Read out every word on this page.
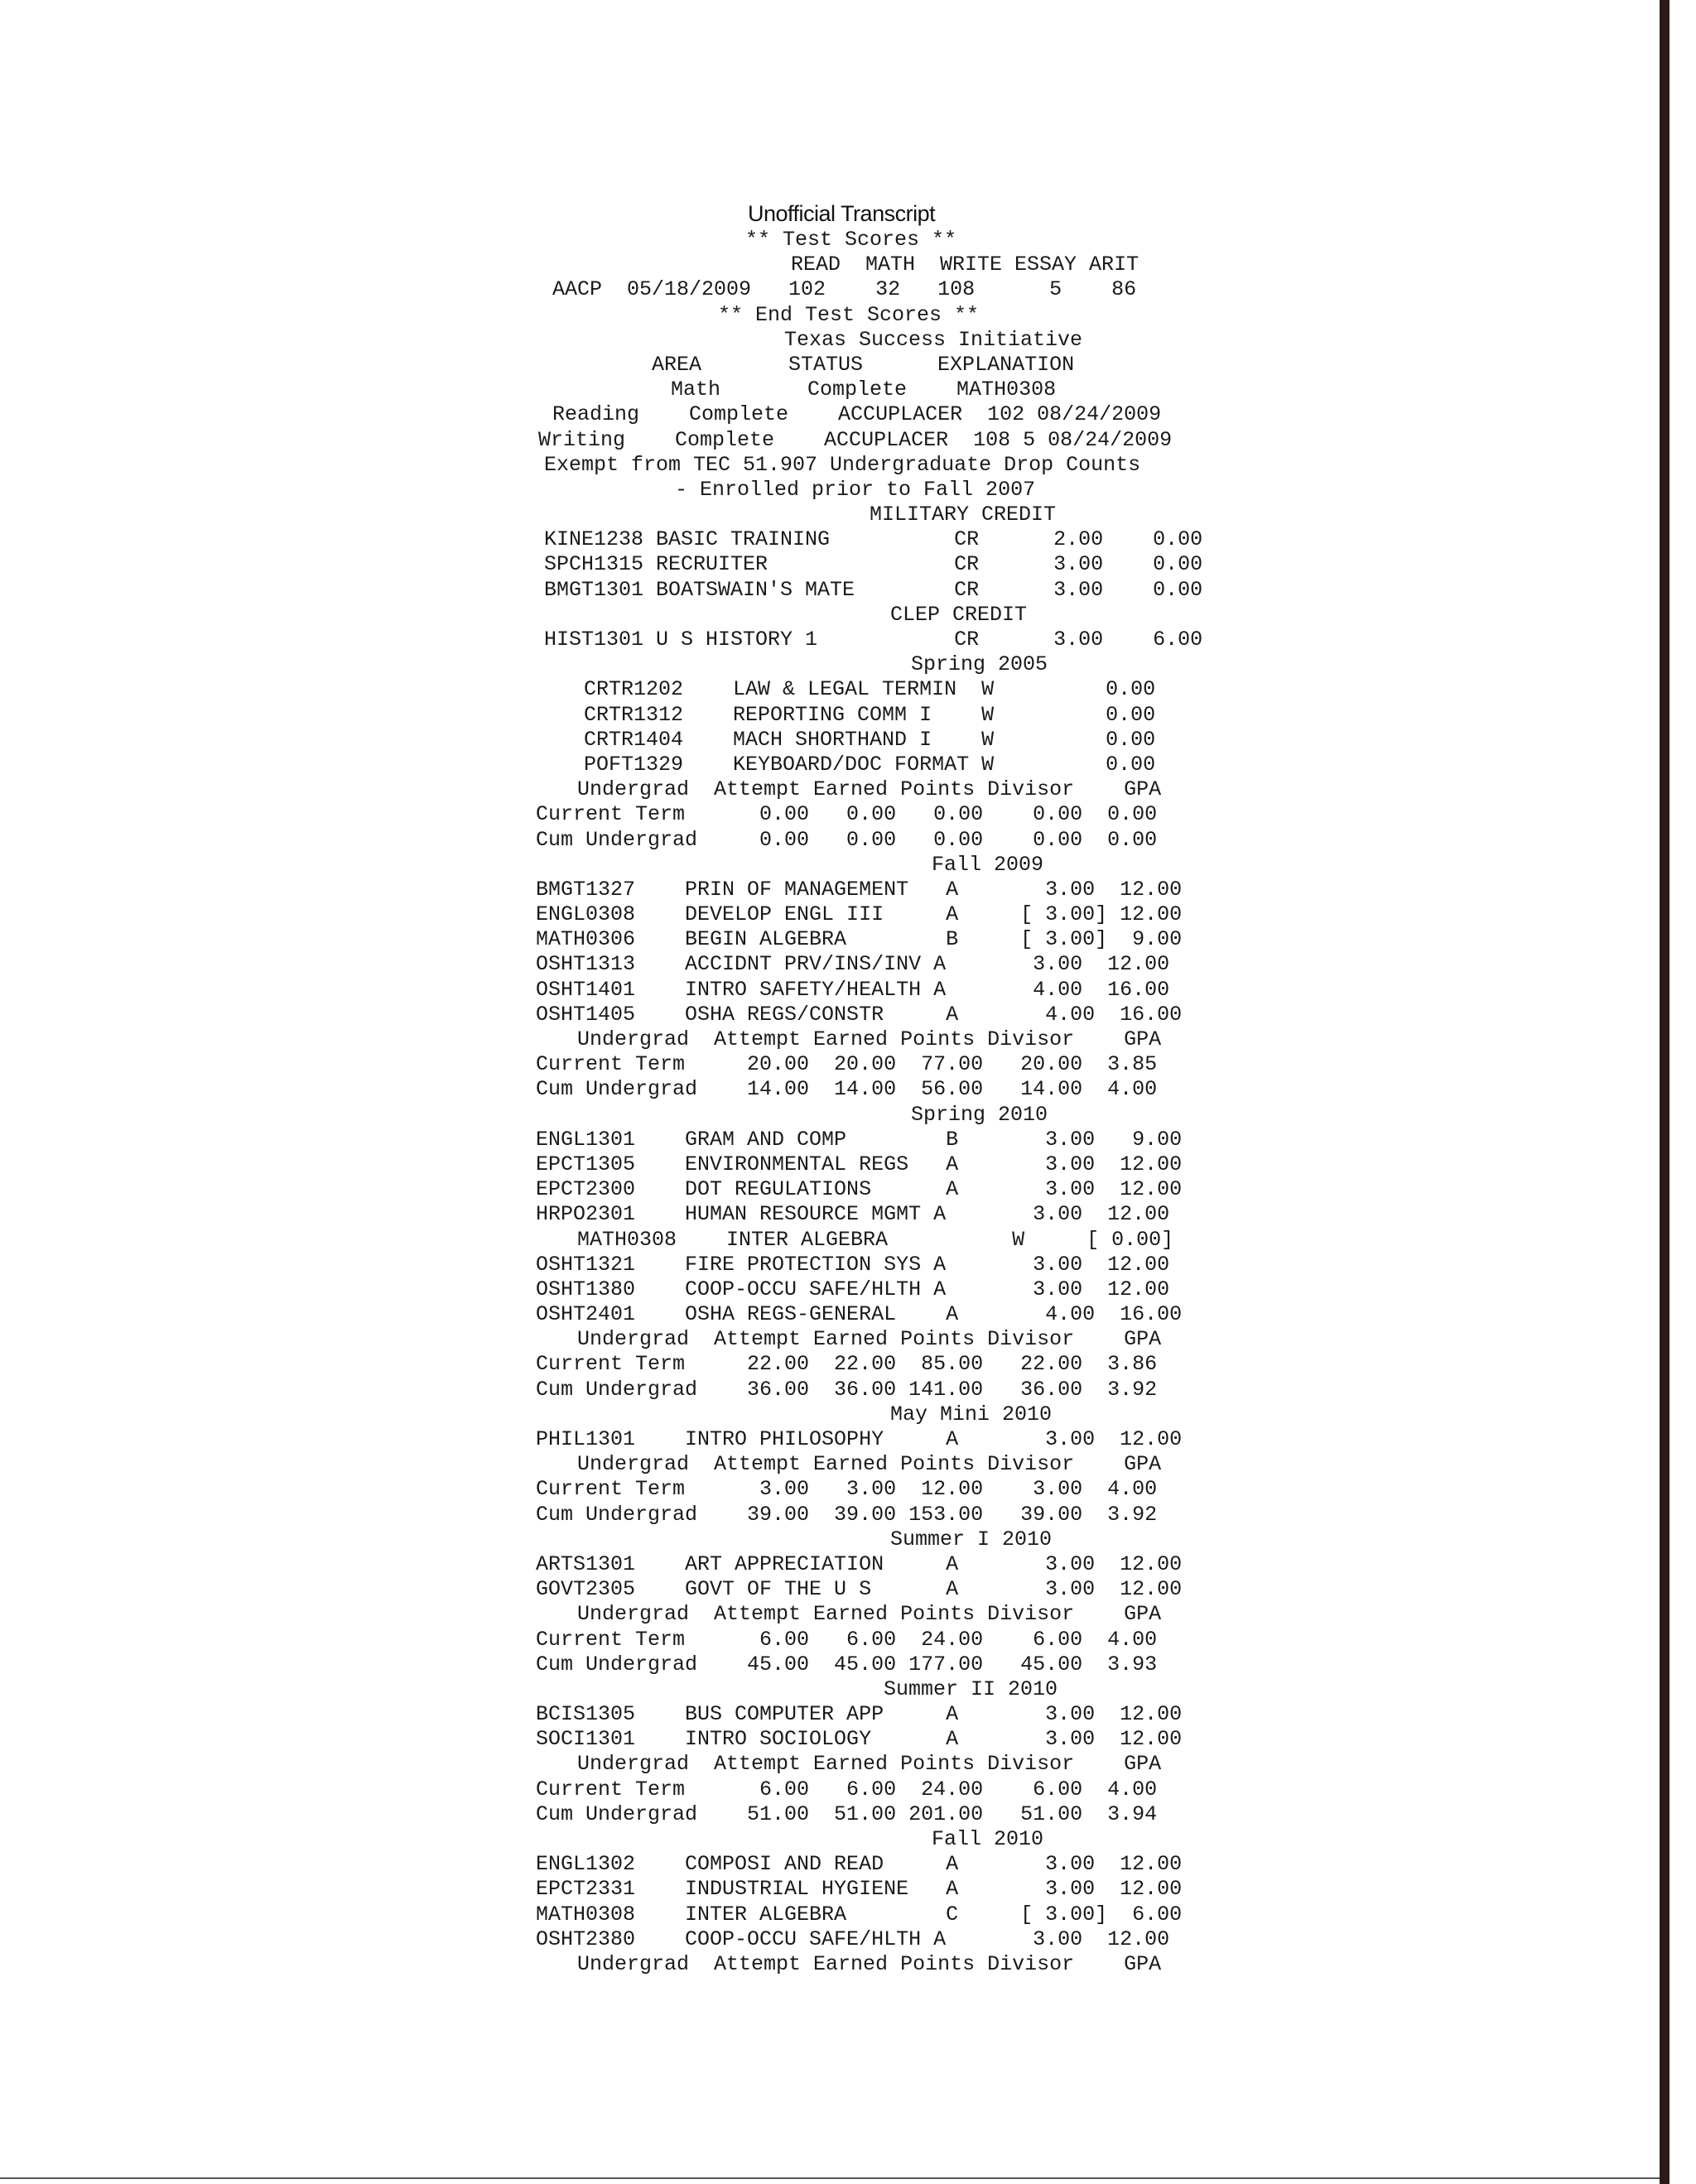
Unofficial Transcript
** Test Scores **
READ  MATH  WRITE ESSAY ARIT
AACP  05/18/2009   102    32   108      5    86
** End Test Scores **
Texas Success Initiative
AREA       STATUS      EXPLANATION
Math       Complete    MATH0308
Reading    Complete    ACCUPLACER  102 08/24/2009
Writing    Complete    ACCUPLACER  108 5 08/24/2009
Exempt from TEC 51.907 Undergraduate Drop Counts
- Enrolled prior to Fall 2007
MILITARY CREDIT
KINE1238 BASIC TRAINING          CR      2.00    0.00
SPCH1315 RECRUITER               CR      3.00    0.00
BMGT1301 BOATSWAIN'S MATE        CR      3.00    0.00
CLEP CREDIT
HIST1301 U S HISTORY 1           CR      3.00    6.00
Spring 2005
CRTR1202    LAW & LEGAL TERMIN  W         0.00
CRTR1312    REPORTING COMM I    W         0.00
CRTR1404    MACH SHORTHAND I    W         0.00
POFT1329    KEYBOARD/DOC FORMAT W         0.00
Undergrad  Attempt Earned Points Divisor    GPA
Current Term      0.00   0.00   0.00    0.00  0.00
Cum Undergrad     0.00   0.00   0.00    0.00  0.00
Fall 2009
BMGT1327    PRIN OF MANAGEMENT   A       3.00  12.00
ENGL0308    DEVELOP ENGL III     A     [ 3.00] 12.00
MATH0306    BEGIN ALGEBRA        B     [ 3.00]  9.00
OSHT1313    ACCIDNT PRV/INS/INV A       3.00  12.00
OSHT1401    INTRO SAFETY/HEALTH A       4.00  16.00
OSHT1405    OSHA REGS/CONSTR     A       4.00  16.00
Undergrad  Attempt Earned Points Divisor    GPA
Current Term     20.00  20.00  77.00   20.00  3.85
Cum Undergrad    14.00  14.00  56.00   14.00  4.00
Spring 2010
ENGL1301    GRAM AND COMP        B       3.00   9.00
EPCT1305    ENVIRONMENTAL REGS   A       3.00  12.00
EPCT2300    DOT REGULATIONS      A       3.00  12.00
HRPO2301    HUMAN RESOURCE MGMT A       3.00  12.00
MATH0308    INTER ALGEBRA          W     [ 0.00]
OSHT1321    FIRE PROTECTION SYS A       3.00  12.00
OSHT1380    COOP-OCCU SAFE/HLTH A       3.00  12.00
OSHT2401    OSHA REGS-GENERAL    A       4.00  16.00
Undergrad  Attempt Earned Points Divisor    GPA
Current Term     22.00  22.00  85.00   22.00  3.86
Cum Undergrad    36.00  36.00 141.00   36.00  3.92
May Mini 2010
PHIL1301    INTRO PHILOSOPHY     A       3.00  12.00
Undergrad  Attempt Earned Points Divisor    GPA
Current Term      3.00   3.00  12.00    3.00  4.00
Cum Undergrad    39.00  39.00 153.00   39.00  3.92
Summer I 2010
ARTS1301    ART APPRECIATION     A       3.00  12.00
GOVT2305    GOVT OF THE U S      A       3.00  12.00
Undergrad  Attempt Earned Points Divisor    GPA
Current Term      6.00   6.00  24.00    6.00  4.00
Cum Undergrad    45.00  45.00 177.00   45.00  3.93
Summer II 2010
BCIS1305    BUS COMPUTER APP     A       3.00  12.00
SOCI1301    INTRO SOCIOLOGY      A       3.00  12.00
Undergrad  Attempt Earned Points Divisor    GPA
Current Term      6.00   6.00  24.00    6.00  4.00
Cum Undergrad    51.00  51.00 201.00   51.00  3.94
Fall 2010
ENGL1302    COMPOSI AND READ     A       3.00  12.00
EPCT2331    INDUSTRIAL HYGIENE   A       3.00  12.00
MATH0308    INTER ALGEBRA        C     [ 3.00]  6.00
OSHT2380    COOP-OCCU SAFE/HLTH A       3.00  12.00
Undergrad  Attempt Earned Points Divisor    GPA
